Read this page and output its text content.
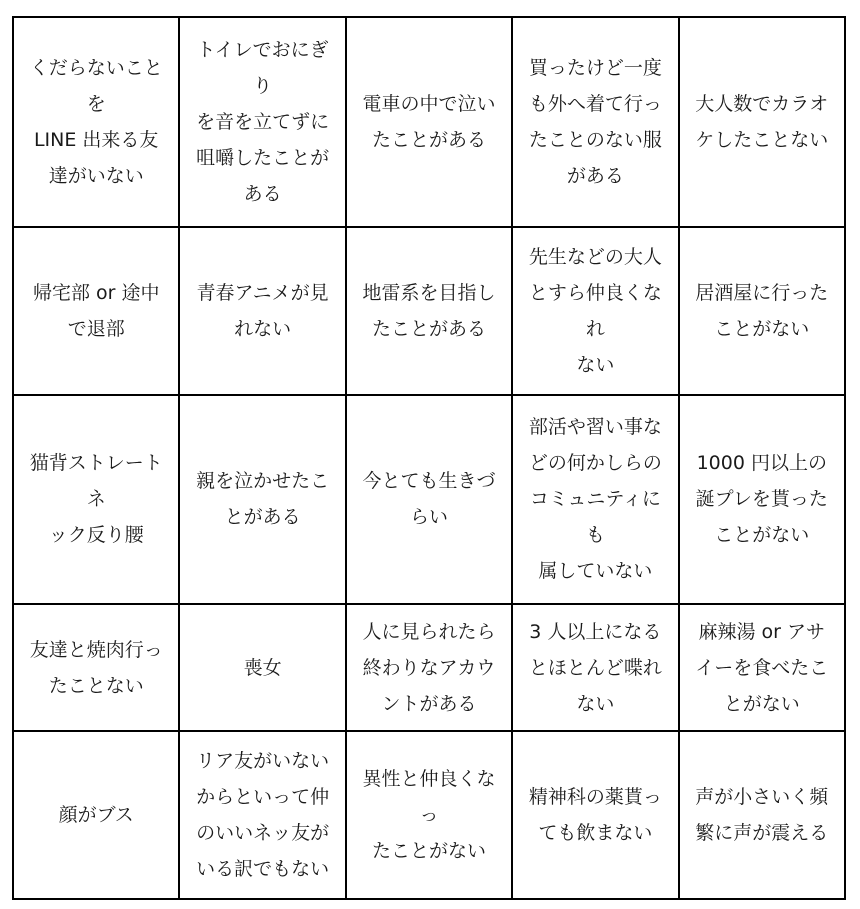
くだらないことを
LINE 出来る友
達がいない	トイレでおにぎり
を音を立てずに
咀嚼したことが
ある	電車の中で泣い
たことがある	買ったけど一度
も外へ着て行っ
たことのない服
がある	大人数でカラオ
ケしたことない

帰宅部 or 途中
で退部	青春アニメが見
れない	地雷系を目指し
たことがある	先生などの大人
とすら仲良くなれ
ない	居酒屋に行った
ことがない

猫背ストレートネ
ック反り腰	親を泣かせたこ
とがある	今とても生きづ
らい	部活や習い事な
どの何かしらの
コミュニティにも
属していない	1000 円以上の
誕プレを貰った
ことがない

友達と焼肉行っ
たことない	喪女	人に見られたら
終わりなアカウ
ントがある	3 人以上になる
とほとんど喋れ
ない	麻辣湯 or アサ
イーを食べたこ
とがない

顔がブス	リア友がいない
からといって仲
のいいネッ友が
いる訳でもない	異性と仲良くなっ
たことがない	精神科の薬貰っ
ても飲まない	声が小さいく頻
繁に声が震える
